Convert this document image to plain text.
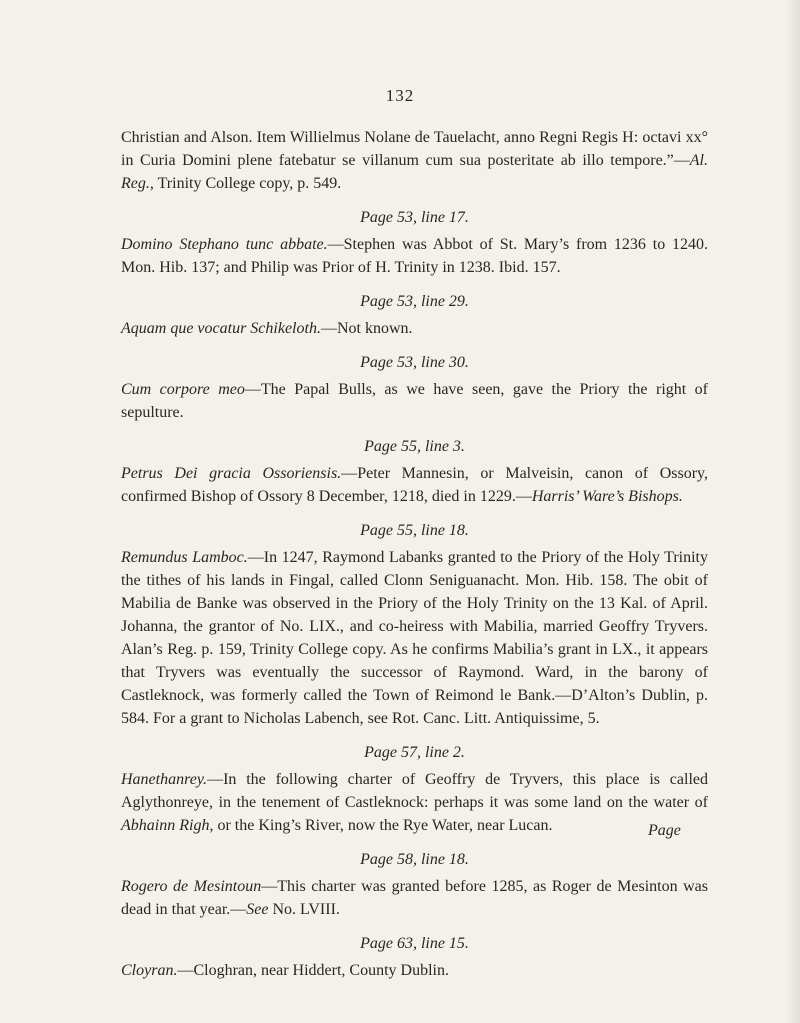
132

Christian and Alson. Item Willielmus Nolane de Tauelacht, anno Regni Regis H: octavi xx° in Curia Domini plene fatebatur se villanum cum sua posteritate ab illo tempore.”—Al. Reg., Trinity College copy, p. 549.

Page 53, line 17.

Domino Stephano tunc abbate.—Stephen was Abbot of St. Mary’s from 1236 to 1240. Mon. Hib. 137; and Philip was Prior of H. Trinity in 1238. Ibid. 157.

Page 53, line 29.

Aquam que vocatur Schikeloth.—Not known.

Page 53, line 30.

Cum corpore meo—The Papal Bulls, as we have seen, gave the Priory the right of sepulture.

Page 55, line 3.

Petrus Dei gracia Ossoriensis.—Peter Mannesin, or Malveisin, canon of Ossory, confirmed Bishop of Ossory 8 December, 1218, died in 1229.—Harris’ Ware’s Bishops.

Page 55, line 18.

Remundus Lamboc.—In 1247, Raymond Labanks granted to the Priory of the Holy Trinity the tithes of his lands in Fingal, called Clonn Seniguanacht. Mon. Hib. 158. The obit of Mabilia de Banke was observed in the Priory of the Holy Trinity on the 13 Kal. of April. Johanna, the grantor of No. LIX., and co-heiress with Mabilia, married Geoffry Tryvers. Alan’s Reg. p. 159, Trinity College copy. As he confirms Mabilia’s grant in LX., it appears that Tryvers was eventually the successor of Raymond. Ward, in the barony of Castleknock, was formerly called the Town of Reimond le Bank.—D’Alton’s Dublin, p. 584. For a grant to Nicholas Labench, see Rot. Canc. Litt. Antiquissime, 5.

Page 57, line 2.

Hanethanrey.—In the following charter of Geoffry de Tryvers, this place is called Aglythonreye, in the tenement of Castleknock: perhaps it was some land on the water of Abhainn Righ, or the King’s River, now the Rye Water, near Lucan.

Page 58, line 18.

Rogero de Mesintoun—This charter was granted before 1285, as Roger de Mesinton was dead in that year.—See No. LVIII.

Page 63, line 15.

Cloyran.—Cloghran, near Hiddert, County Dublin.

Page
